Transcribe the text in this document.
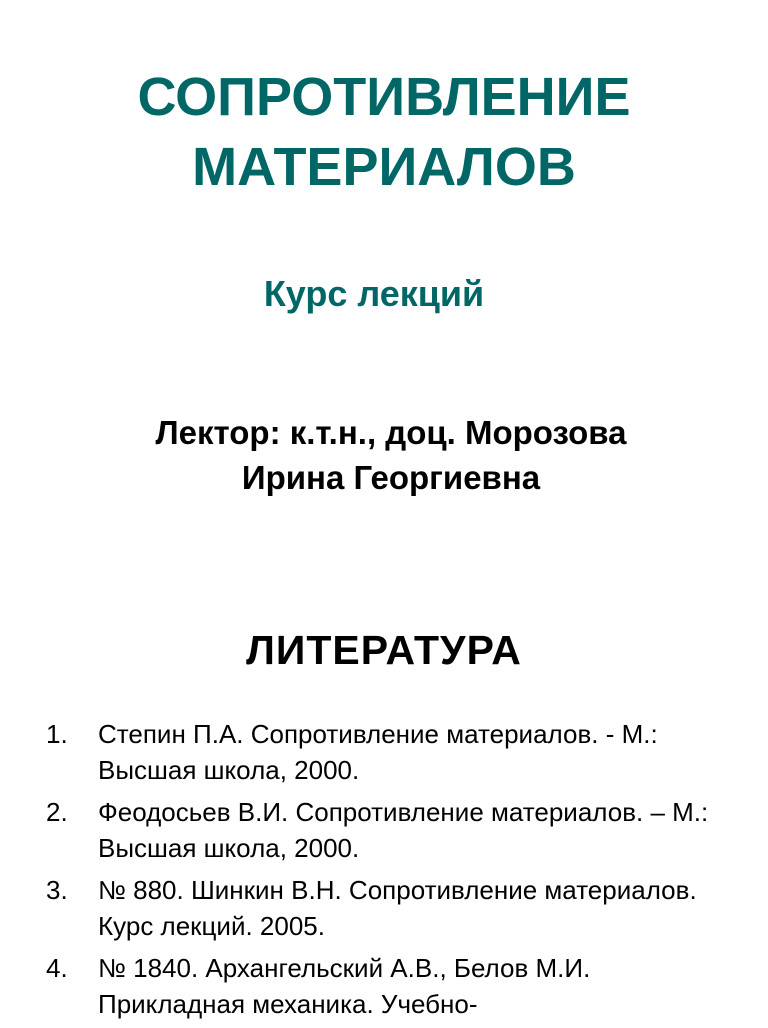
СОПРОТИВЛЕНИЕ
МАТЕРИАЛОВ
Курс лекций
Лектор: к.т.н., доц. Морозова
Ирина Георгиевна
ЛИТЕРАТУРА
1. Степин П.А. Сопротивление материалов. - М.: Высшая школа, 2000.
2. Феодосьев В.И. Сопротивление материалов. – М.: Высшая школа, 2000.
3. № 880. Шинкин В.Н. Сопротивление материалов. Курс лекций. 2005.
4. № 1840. Архангельский А.В., Белов М.И. Прикладная механика. Учебно-
